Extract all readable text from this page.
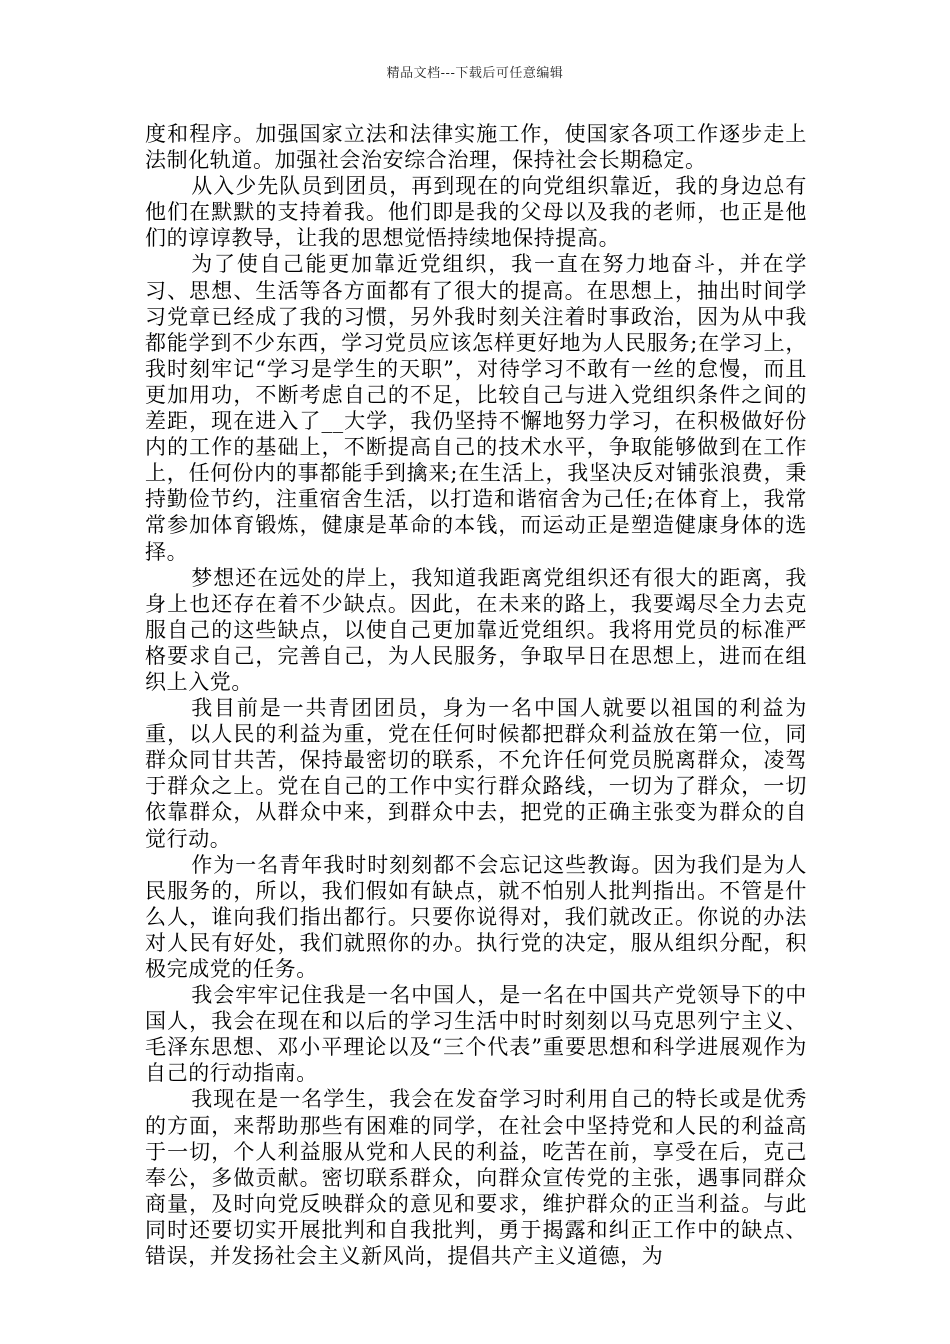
精品文档---下载后可任意编辑

度和程序。加强国家立法和法律实施工作，使国家各项工作逐步走上法制化轨道。加强社会治安综合治理，保持社会长期稳定。

从入少先队员到团员，再到现在的向党组织靠近，我的身边总有他们在默默的支持着我。他们即是我的父母以及我的老师，也正是他们的谆谆教导，让我的思想觉悟持续地保持提高。

为了使自己能更加靠近党组织，我一直在努力地奋斗，并在学习、思想、生活等各方面都有了很大的提高。在思想上，抽出时间学习党章已经成了我的习惯，另外我时刻关注着时事政治，因为从中我都能学到不少东西，学习党员应该怎样更好地为人民服务;在学习上，我时刻牢记“学习是学生的天职”，对待学习不敢有一丝的怠慢，而且更加用功，不断考虑自己的不足，比较自己与进入党组织条件之间的差距，现在进入了__大学，我仍坚持不懈地努力学习，在积极做好份内的工作的基础上，不断提高自己的技术水平，争取能够做到在工作上，任何份内的事都能手到擒来;在生活上，我坚决反对铺张浪费，秉持勤俭节约，注重宿舍生活，以打造和谐宿舍为己任;在体育上，我常常参加体育锻炼，健康是革命的本钱，而运动正是塑造健康身体的选择。

梦想还在远处的岸上，我知道我距离党组织还有很大的距离，我身上也还存在着不少缺点。因此，在未来的路上，我要竭尽全力去克服自己的这些缺点，以使自己更加靠近党组织。我将用党员的标准严格要求自己，完善自己，为人民服务，争取早日在思想上，进而在组织上入党。

我目前是一共青团团员，身为一名中国人就要以祖国的利益为重，以人民的利益为重，党在任何时候都把群众利益放在第一位，同群众同甘共苦，保持最密切的联系，不允许任何党员脱离群众，凌驾于群众之上。党在自己的工作中实行群众路线，一切为了群众，一切依靠群众，从群众中来，到群众中去，把党的正确主张变为群众的自觉行动。

作为一名青年我时时刻刻都不会忘记这些教诲。因为我们是为人民服务的，所以，我们假如有缺点，就不怕别人批判指出。不管是什么人，谁向我们指出都行。只要你说得对，我们就改正。你说的办法对人民有好处，我们就照你的办。执行党的决定，服从组织分配，积极完成党的任务。

我会牢牢记住我是一名中国人，是一名在中国共产党领导下的中国人，我会在现在和以后的学习生活中时时刻刻以马克思列宁主义、毛泽东思想、邓小平理论以及“三个代表”重要思想和科学进展观作为自己的行动指南。

我现在是一名学生，我会在发奋学习时利用自己的特长或是优秀的方面，来帮助那些有困难的同学，在社会中坚持党和人民的利益高于一切，个人利益服从党和人民的利益，吃苦在前，享受在后，克己奉公，多做贡献。密切联系群众，向群众宣传党的主张，遇事同群众商量，及时向党反映群众的意见和要求，维护群众的正当利益。与此同时还要切实开展批判和自我批判，勇于揭露和纠正工作中的缺点、错误，并发扬社会主义新风尚，提倡共产主义道德，为
